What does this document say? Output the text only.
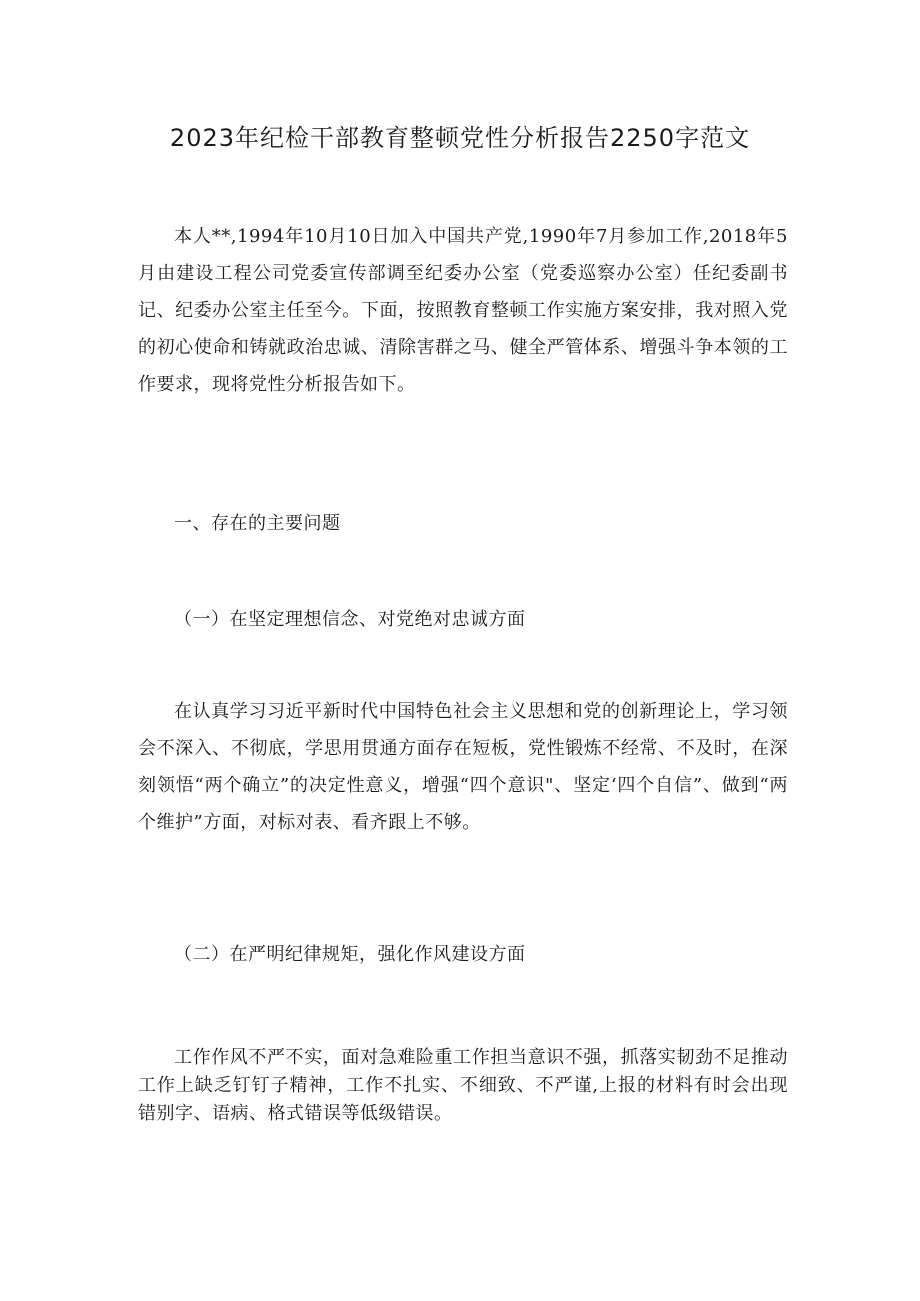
2023年纪检干部教育整顿党性分析报告2250字范文

本人**,1994年10月10日加入中国共产党,1990年7月参加工作,2018年5月由建设工程公司党委宣传部调至纪委办公室（党委巡察办公室）任纪委副书记、纪委办公室主任至今。下面，按照教育整顿工作实施方案安排，我对照入党的初心使命和铸就政治忠诚、清除害群之马、健全严管体系、增强斗争本领的工作要求，现将党性分析报告如下。

一、存在的主要问题

（一）在坚定理想信念、对党绝对忠诚方面

在认真学习习近平新时代中国特色社会主义思想和党的创新理论上，学习领会不深入、不彻底，学思用贯通方面存在短板，党性锻炼不经常、不及时，在深刻领悟“两个确立”的决定性意义，增强“四个意识"、坚定‘四个自信”、做到“两个维护”方面，对标对表、看齐跟上不够。

（二）在严明纪律规矩，强化作风建设方面

工作作风不严不实，面对急难险重工作担当意识不强，抓落实韧劲不足推动工作上缺乏钉钉子精神，工作不扎实、不细致、不严谨,上报的材料有时会出现错别字、语病、格式错误等低级错误。
